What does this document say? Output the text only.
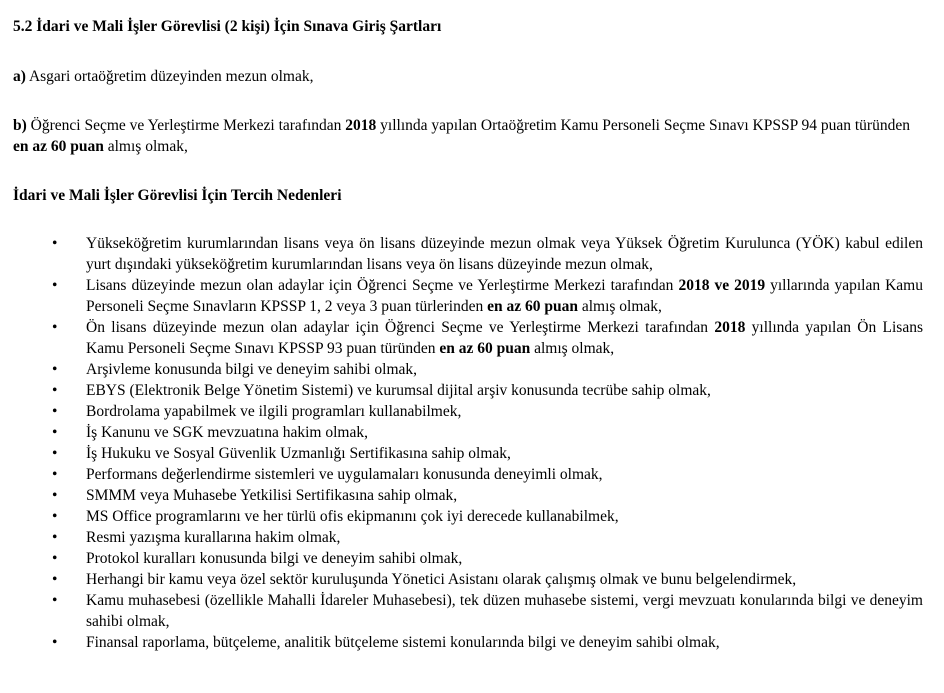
5.2 İdari ve Mali İşler Görevlisi (2 kişi) İçin Sınava Giriş Şartları
a) Asgari ortaöğretim düzeyinden mezun olmak,
b) Öğrenci Seçme ve Yerleştirme Merkezi tarafından 2018 yıllında yapılan Ortaöğretim Kamu Personeli Seçme Sınavı KPSSP 94 puan türünden en az 60 puan almış olmak,
İdari ve Mali İşler Görevlisi İçin Tercih Nedenleri
• Yükseköğretim kurumlarından lisans veya ön lisans düzeyinde mezun olmak veya Yüksek Öğretim Kurulunca (YÖK) kabul edilen yurt dışındaki yükseköğretim kurumlarından lisans veya ön lisans düzeyinde mezun olmak,
• Lisans düzeyinde mezun olan adaylar için Öğrenci Seçme ve Yerleştirme Merkezi tarafından 2018 ve 2019 yıllarında yapılan Kamu Personeli Seçme Sınavların KPSSP 1, 2 veya 3 puan türlerinden en az 60 puan almış olmak,
• Ön lisans düzeyinde mezun olan adaylar için Öğrenci Seçme ve Yerleştirme Merkezi tarafından 2018 yıllında yapılan Ön Lisans Kamu Personeli Seçme Sınavı KPSSP 93 puan türünden en az 60 puan almış olmak,
• Arşivleme konusunda bilgi ve deneyim sahibi olmak,
• EBYS (Elektronik Belge Yönetim Sistemi) ve kurumsal dijital arşiv konusunda tecrübe sahip olmak,
• Bordrolama yapabilmek ve ilgili programları kullanabilmek,
• İş Kanunu ve SGK mevzuatına hakim olmak,
• İş Hukuku ve Sosyal Güvenlik Uzmanlığı Sertifikasına sahip olmak,
• Performans değerlendirme sistemleri ve uygulamaları konusunda deneyimli olmak,
• SMMM veya Muhasebe Yetkilisi Sertifikasına sahip olmak,
• MS Office programlarını ve her türlü ofis ekipmanını çok iyi derecede kullanabilmek,
• Resmi yazışma kurallarına hakim olmak,
• Protokol kuralları konusunda bilgi ve deneyim sahibi olmak,
• Herhangi bir kamu veya özel sektör kuruluşunda Yönetici Asistanı olarak çalışmış olmak ve bunu belgelendirmek,
• Kamu muhasebesi (özellikle Mahalli İdareler Muhasebesi), tek düzen muhasebe sistemi, vergi mevzuatı konularında bilgi ve deneyim sahibi olmak,
• Finansal raporlama, bütçeleme, analitik bütçeleme sistemi konularında bilgi ve deneyim sahibi olmak,
